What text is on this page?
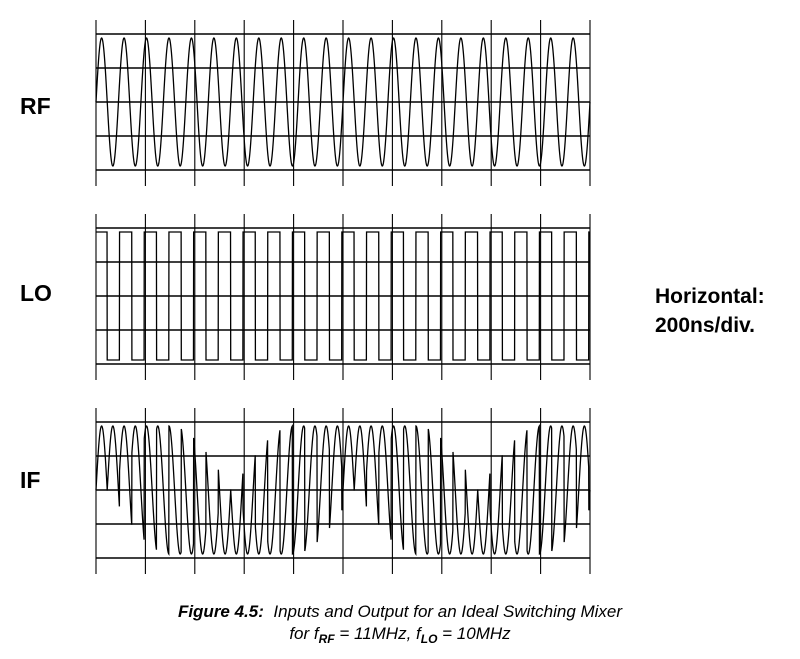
RF
LO
IF
Horizontal:
200ns/div.
Figure 4.5: Inputs and Output for an Ideal Switching Mixer
for $f_{RF} = 11MHz$, $f_{LO} = 10MHz$
